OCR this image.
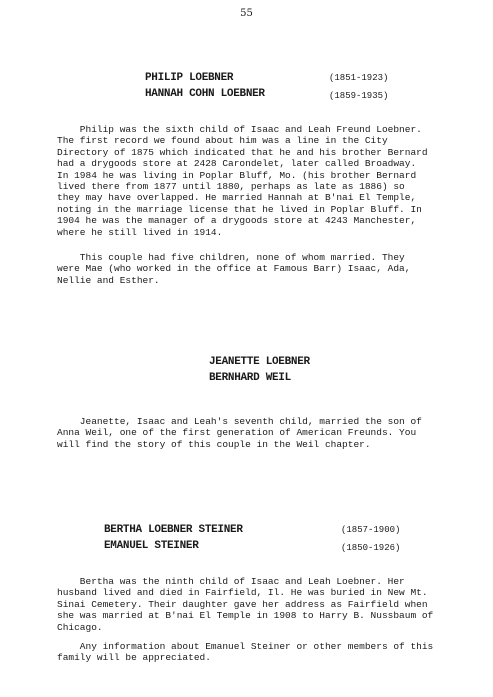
55
PHILIP LOEBNER	(1851-1923)
HANNAH COHN LOEBNER	(1859-1935)
Philip was the sixth child of Isaac and Leah Freund Loebner.
The first record we found about him was a line in the City
Directory of 1875 which indicated that he and his brother Bernard
had a drygoods store at 2428 Carondelet, later called Broadway.
In 1984 he was living in Poplar Bluff, Mo. (his brother Bernard
lived there from 1877 until 1880, perhaps as late as 1886) so
they may have overlapped. He married Hannah at B'nai El Temple,
noting in the marriage license that he lived in Poplar Bluff. In
1904 he was the manager of a drygoods store at 4243 Manchester,
where he still lived in 1914.
This couple had five children, none of whom married. They
were Mae (who worked in the office at Famous Barr) Isaac, Ada,
Nellie and Esther.
JEANETTE LOEBNER
BERNHARD WEIL
Jeanette, Isaac and Leah's seventh child, married the son of
Anna Weil, one of the first generation of American Freunds. You
will find the story of this couple in the Weil chapter.
BERTHA LOEBNER STEINER	(1857-1900)
EMANUEL STEINER	(1850-1926)
Bertha was the ninth child of Isaac and Leah Loebner. Her
husband lived and died in Fairfield, Il. He was buried in New Mt.
Sinai Cemetery. Their daughter gave her address as Fairfield when
she was married at B'nai El Temple in 1908 to Harry B. Nussbaum of
Chicago.
Any information about Emanuel Steiner or other members of this
family will be appreciated.
